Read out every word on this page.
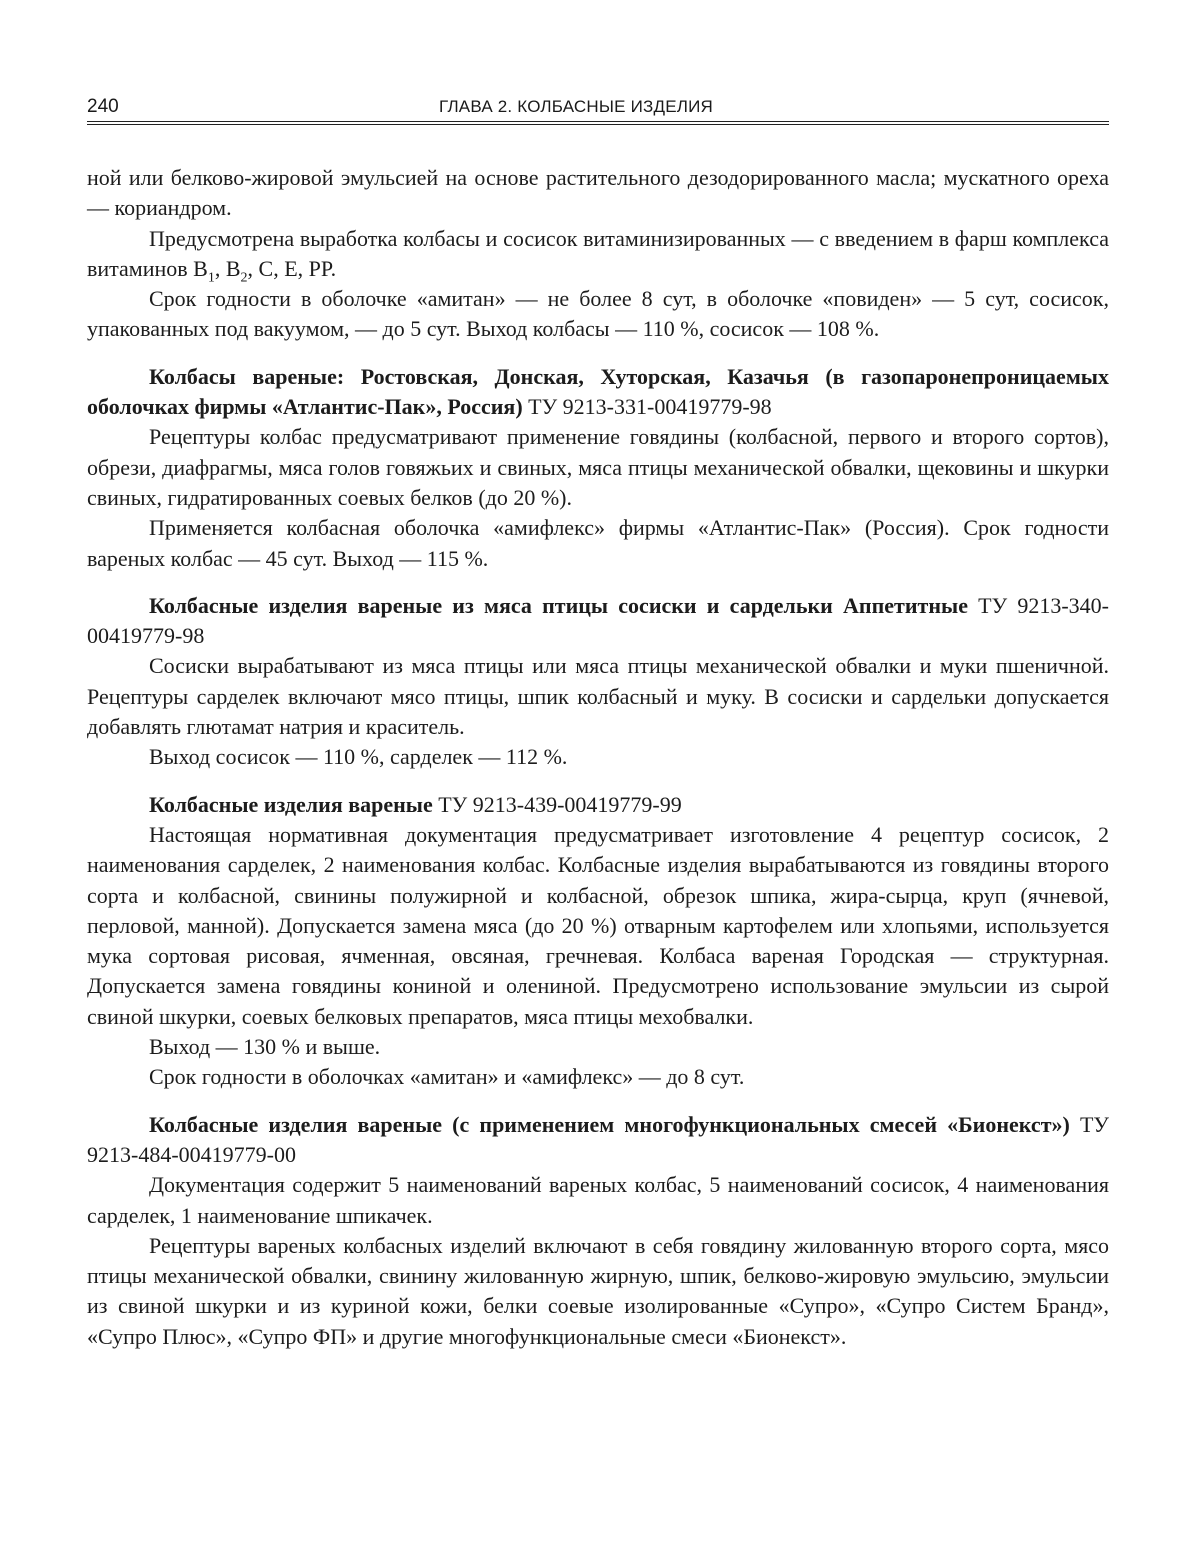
240	ГЛАВА 2. КОЛБАСНЫЕ ИЗДЕЛИЯ

ной или белково-жировой эмульсией на основе растительного дезодорированного масла; мускатного ореха — кориандром.

Предусмотрена выработка колбасы и сосисок витаминизированных — с введением в фарш комплекса витаминов $B_1$, $B_2$, C, E, PP.

Срок годности в оболочке «амитан» — не более 8 сут, в оболочке «повиден» — 5 сут, сосисок, упакованных под вакуумом, — до 5 сут. Выход колбасы — 110 %, сосисок — 108 %.

Колбасы вареные: Ростовская, Донская, Хуторская, Казачья (в газопаронепроницаемых оболочках фирмы «Атлантис-Пак», Россия) ТУ 9213-331-00419779-98

Рецептуры колбас предусматривают применение говядины (колбасной, первого и второго сортов), обрези, диафрагмы, мяса голов говяжьих и свиных, мяса птицы механической обвалки, щековины и шкурки свиных, гидратированных соевых белков (до 20 %).

Применяется колбасная оболочка «амифлекс» фирмы «Атлантис-Пак» (Россия). Срок годности вареных колбас — 45 сут. Выход — 115 %.

Колбасные изделия вареные из мяса птицы сосиски и сардельки Аппетитные ТУ 9213-340-00419779-98

Сосиски вырабатывают из мяса птицы или мяса птицы механической обвалки и муки пшеничной. Рецептуры сарделек включают мясо птицы, шпик колбасный и муку. В сосиски и сардельки допускается добавлять глютамат натрия и краситель.

Выход сосисок — 110 %, сарделек — 112 %.

Колбасные изделия вареные ТУ 9213-439-00419779-99

Настоящая нормативная документация предусматривает изготовление 4 рецептур сосисок, 2 наименования сарделек, 2 наименования колбас. Колбасные изделия вырабатываются из говядины второго сорта и колбасной, свинины полужирной и колбасной, обрезок шпика, жира-сырца, круп (ячневой, перловой, манной). Допускается замена мяса (до 20 %) отварным картофелем или хлопьями, используется мука сортовая рисовая, ячменная, овсяная, гречневая. Колбаса вареная Городская — структурная. Допускается замена говядины кониной и олениной. Предусмотрено использование эмульсии из сырой свиной шкурки, соевых белковых препаратов, мяса птицы мехобвалки.

Выход — 130 % и выше.

Срок годности в оболочках «амитан» и «амифлекс» — до 8 сут.

Колбасные изделия вареные (с применением многофункциональных смесей «Бионекст») ТУ 9213-484-00419779-00

Документация содержит 5 наименований вареных колбас, 5 наименований сосисок, 4 наименования сарделек, 1 наименование шпикачек.

Рецептуры вареных колбасных изделий включают в себя говядину жилованную второго сорта, мясо птицы механической обвалки, свинину жилованную жирную, шпик, белково-жировую эмульсию, эмульсии из свиной шкурки и из куриной кожи, белки соевые изолированные «Супро», «Супро Систем Бранд», «Супро Плюс», «Супро ФП» и другие многофункциональные смеси «Бионекст».
